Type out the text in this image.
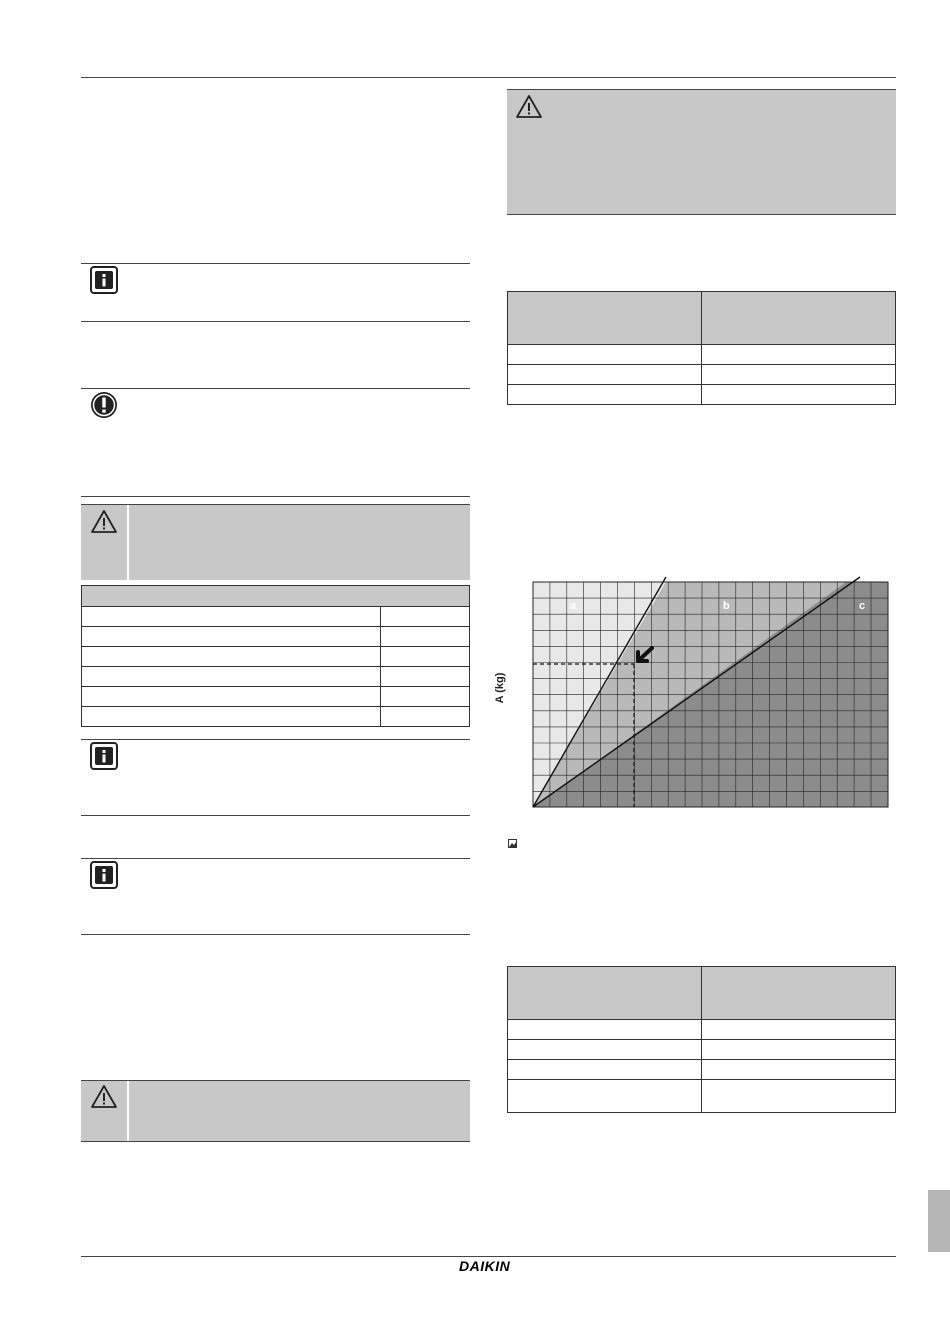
A (kg)
a	b	c

DAIKIN
